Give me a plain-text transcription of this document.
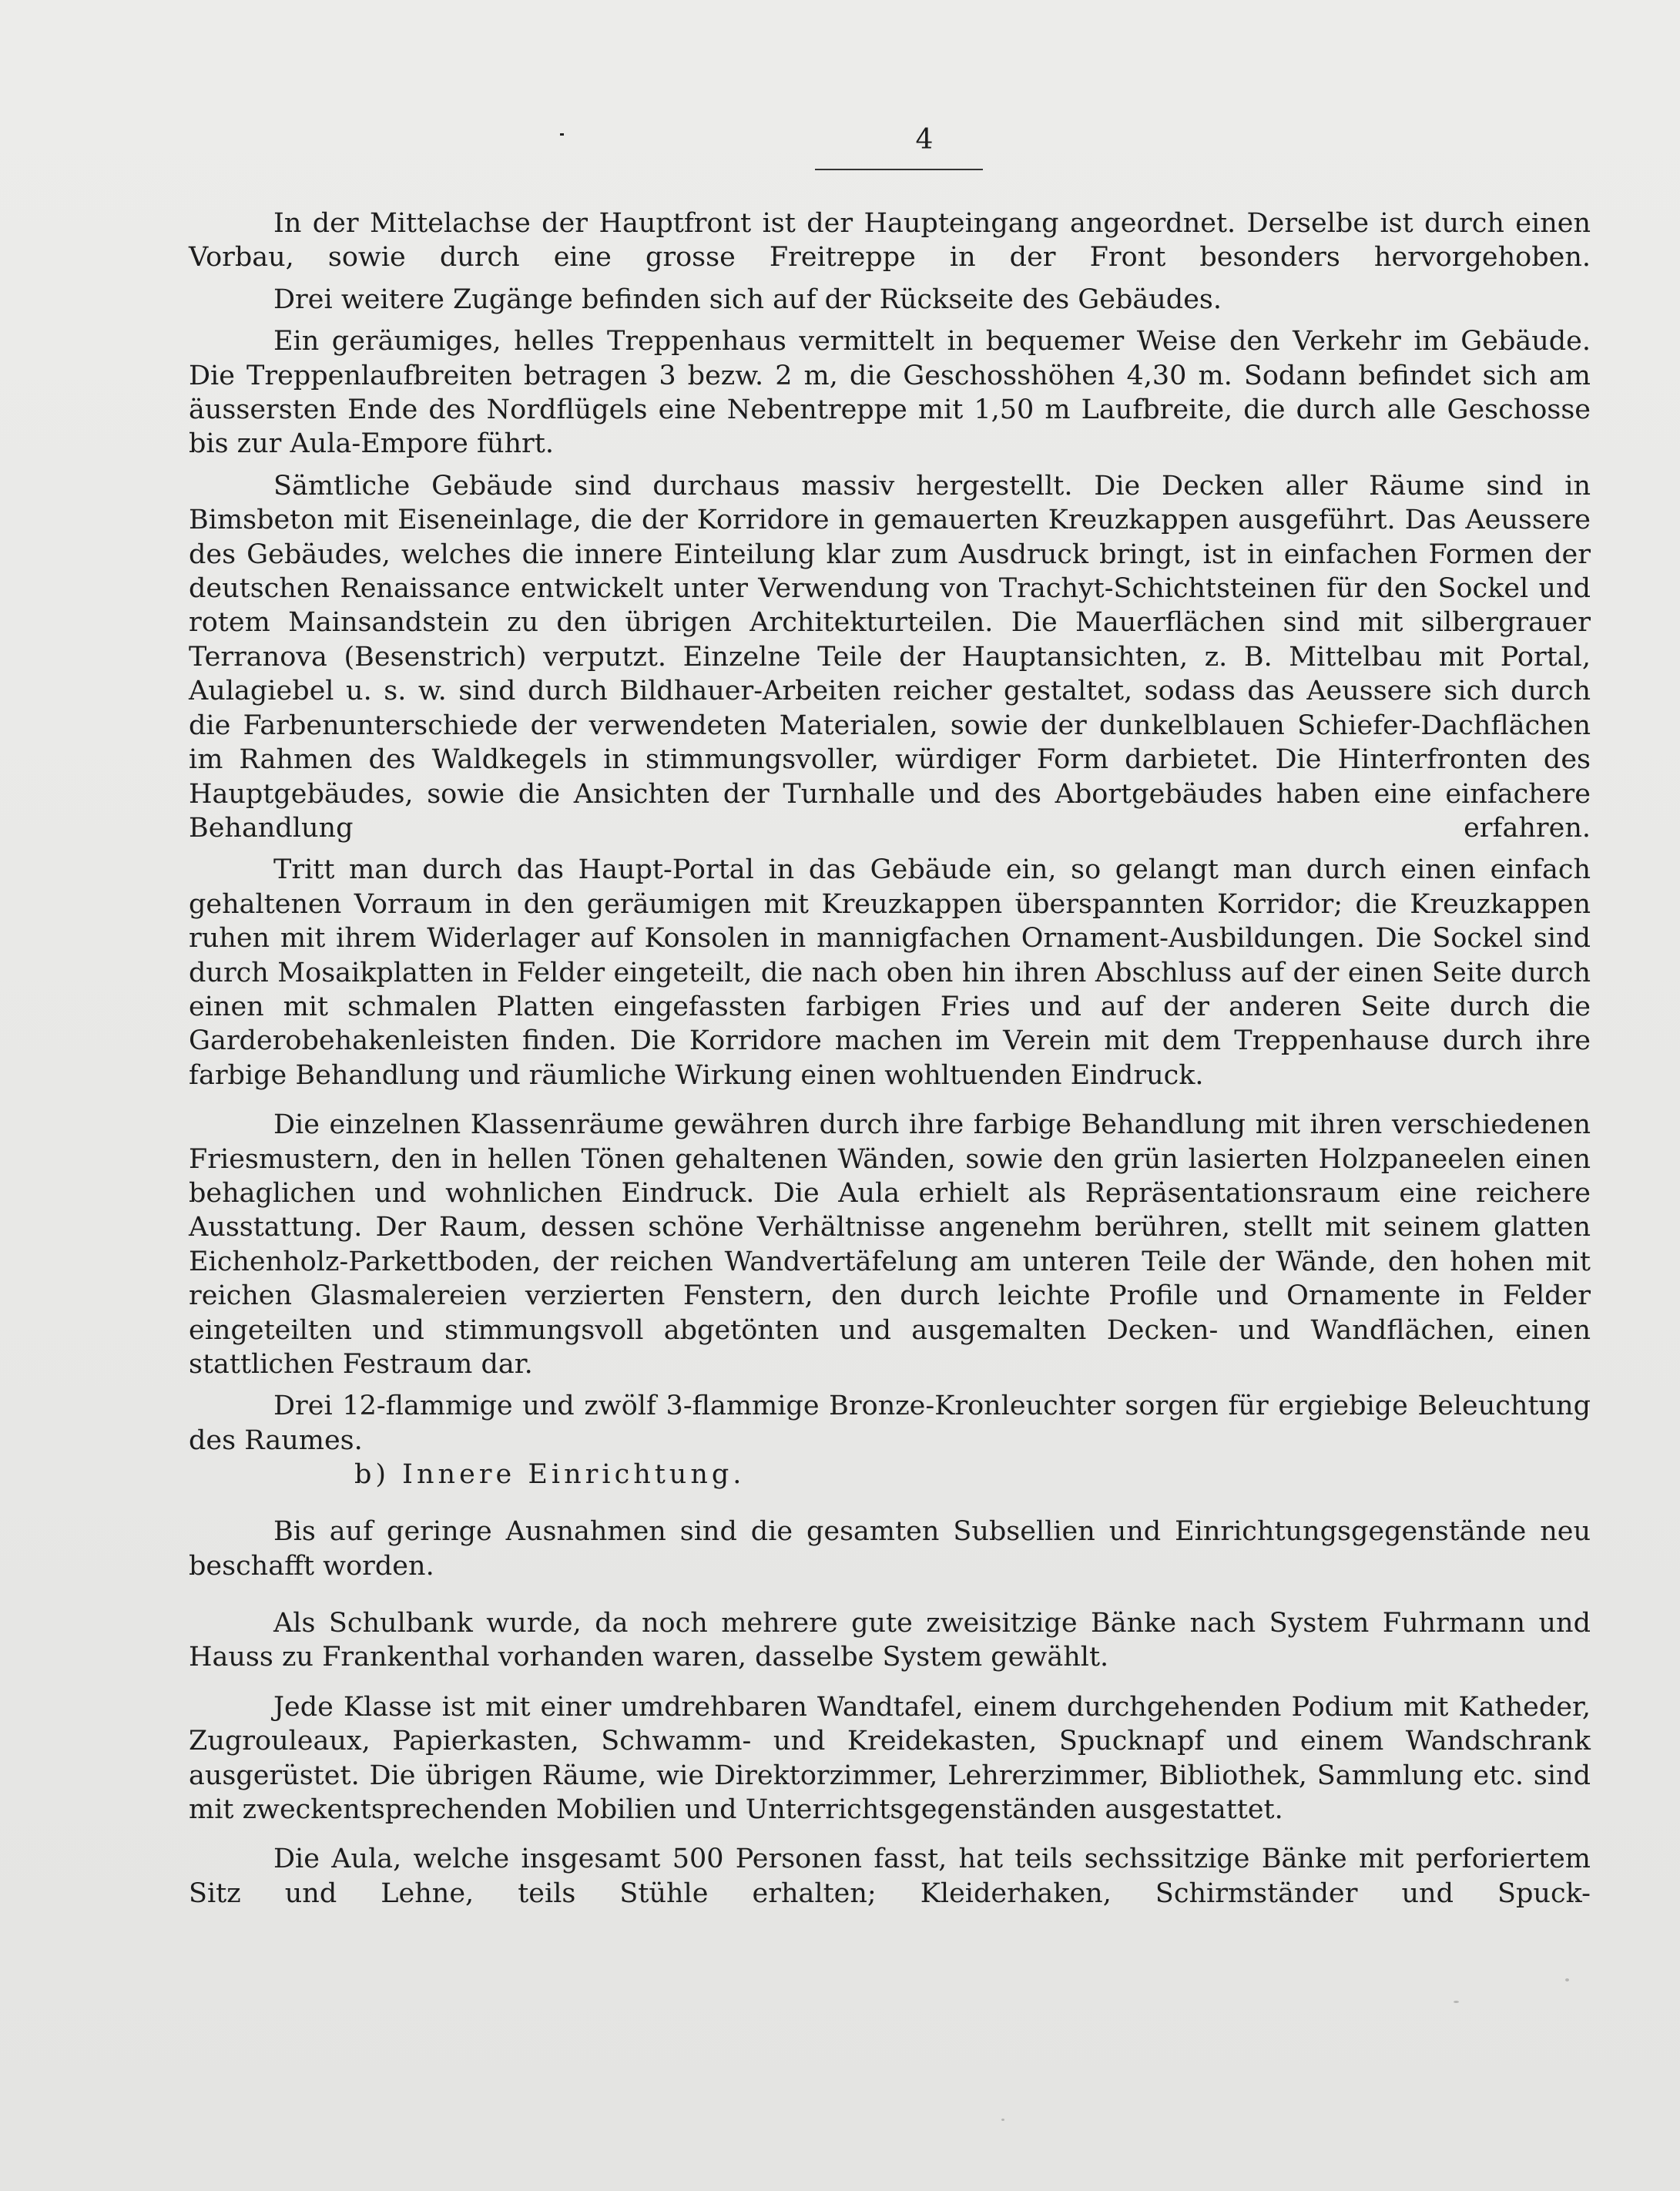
4

In der Mittelachse der Hauptfront ist der Haupteingang angeordnet. Derselbe ist durch einen Vorbau, sowie durch eine grosse Freitreppe in der Front besonders hervorgehoben.

Drei weitere Zugänge befinden sich auf der Rückseite des Gebäudes.

Ein geräumiges, helles Treppenhaus vermittelt in bequemer Weise den Verkehr im Gebäude. Die Treppenlaufbreiten betragen 3 bezw. 2 m, die Geschosshöhen 4,30 m. Sodann befindet sich am äussersten Ende des Nordflügels eine Nebentreppe mit 1,50 m Laufbreite, die durch alle Geschosse bis zur Aula-Empore führt.

Sämtliche Gebäude sind durchaus massiv hergestellt. Die Decken aller Räume sind in Bimsbeton mit Eiseneinlage, die der Korridore in gemauerten Kreuzkappen ausgeführt. Das Aeussere des Gebäudes, welches die innere Einteilung klar zum Ausdruck bringt, ist in einfachen Formen der deutschen Renaissance entwickelt unter Verwendung von Trachyt-Schichtsteinen für den Sockel und rotem Mainsandstein zu den übrigen Architekturteilen. Die Mauerflächen sind mit silbergrauer Terranova (Besenstrich) verputzt. Einzelne Teile der Hauptansichten, z. B. Mittelbau mit Portal, Aulagiebel u. s. w. sind durch Bildhauer-Arbeiten reicher gestaltet, sodass das Aeussere sich durch die Farbenunterschiede der verwendeten Materialen, sowie der dunkelblauen Schiefer-Dachflächen im Rahmen des Waldkegels in stimmungsvoller, würdiger Form darbietet. Die Hinterfronten des Hauptgebäudes, sowie die Ansichten der Turnhalle und des Abortgebäudes haben eine einfachere Behandlung erfahren.

Tritt man durch das Haupt-Portal in das Gebäude ein, so gelangt man durch einen einfach gehaltenen Vorraum in den geräumigen mit Kreuzkappen überspannten Korridor; die Kreuzkappen ruhen mit ihrem Widerlager auf Konsolen in mannigfachen Ornament-Ausbildungen. Die Sockel sind durch Mosaikplatten in Felder eingeteilt, die nach oben hin ihren Abschluss auf der einen Seite durch einen mit schmalen Platten eingefassten farbigen Fries und auf der anderen Seite durch die Garderobehakenleisten finden. Die Korridore machen im Verein mit dem Treppenhause durch ihre farbige Behandlung und räumliche Wirkung einen wohltuenden Eindruck.

Die einzelnen Klassenräume gewähren durch ihre farbige Behandlung mit ihren verschiedenen Friesmustern, den in hellen Tönen gehaltenen Wänden, sowie den grün lasierten Holzpaneelen einen behaglichen und wohnlichen Eindruck. Die Aula erhielt als Repräsentationsraum eine reichere Ausstattung. Der Raum, dessen schöne Verhältnisse angenehm berühren, stellt mit seinem glatten Eichenholz-Parkettboden, der reichen Wandvertäfelung am unteren Teile der Wände, den hohen mit reichen Glasmalereien verzierten Fenstern, den durch leichte Profile und Ornamente in Felder eingeteilten und stimmungsvoll abgetönten und ausgemalten Decken- und Wandflächen, einen stattlichen Festraum dar.

Drei 12-flammige und zwölf 3-flammige Bronze-Kronleuchter sorgen für ergiebige Beleuchtung des Raumes.

b) Innere Einrichtung.

Bis auf geringe Ausnahmen sind die gesamten Subsellien und Einrichtungsgegenstände neu beschafft worden.

Als Schulbank wurde, da noch mehrere gute zweisitzige Bänke nach System Fuhrmann und Hauss zu Frankenthal vorhanden waren, dasselbe System gewählt.

Jede Klasse ist mit einer umdrehbaren Wandtafel, einem durchgehenden Podium mit Katheder, Zugrouleaux, Papierkasten, Schwamm- und Kreidekasten, Spucknapf und einem Wandschrank ausgerüstet. Die übrigen Räume, wie Direktorzimmer, Lehrerzimmer, Bibliothek, Sammlung etc. sind mit zweckentsprechenden Mobilien und Unterrichtsgegenständen ausgestattet.

Die Aula, welche insgesamt 500 Personen fasst, hat teils sechssitzige Bänke mit perforiertem Sitz und Lehne, teils Stühle erhalten; Kleiderhaken, Schirmständer und Spuck-
